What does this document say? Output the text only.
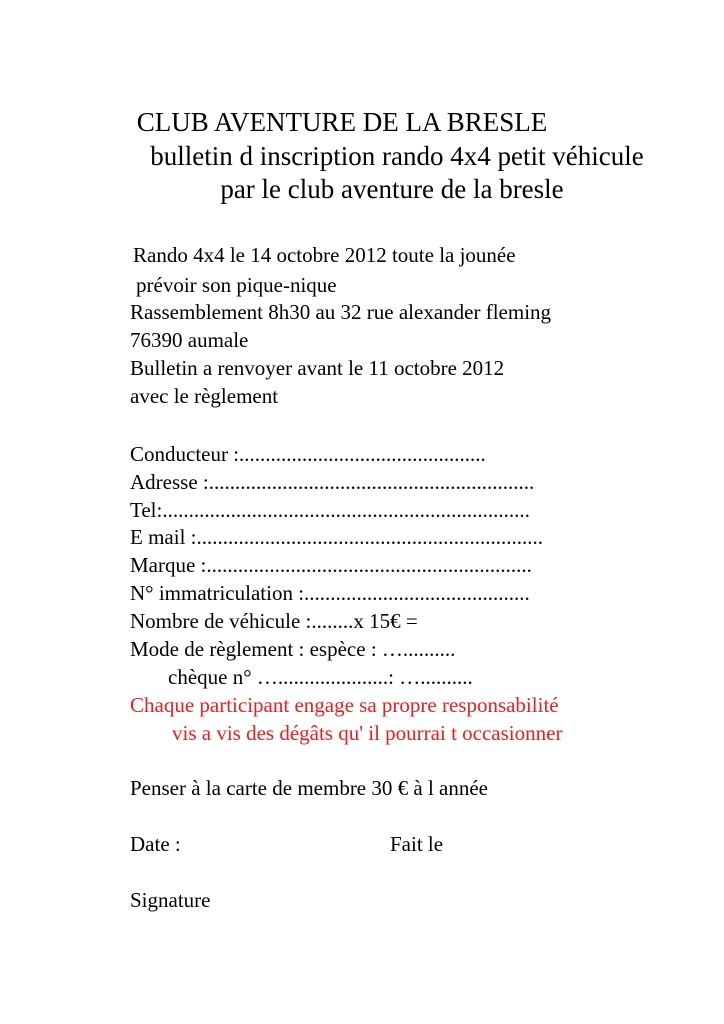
CLUB AVENTURE DE LA BRESLE
bulletin d inscription rando 4x4 petit véhicule
par le club aventure de la bresle
Rando 4x4 le 14 octobre 2012 toute la jounée
prévoir son pique-nique
Rassemblement 8h30 au 32 rue alexander fleming
76390 aumale
Bulletin a renvoyer avant le 11 octobre 2012
avec le règlement
Conducteur :...............................................
Adresse :..............................................................
Tel:......................................................................
E mail :..................................................................
Marque :..............................................................
N° immatriculation :...........................................
Nombre de véhicule :........x 15€ =
Mode de règlement : espèce : …..........
chèque n° ….....................: …..........
Chaque participant engage sa propre responsabilité
vis a vis des dégâts qu' il pourrai t occasionner
Penser à la carte de membre 30 € à l année
Date :	Fait le
Signature
